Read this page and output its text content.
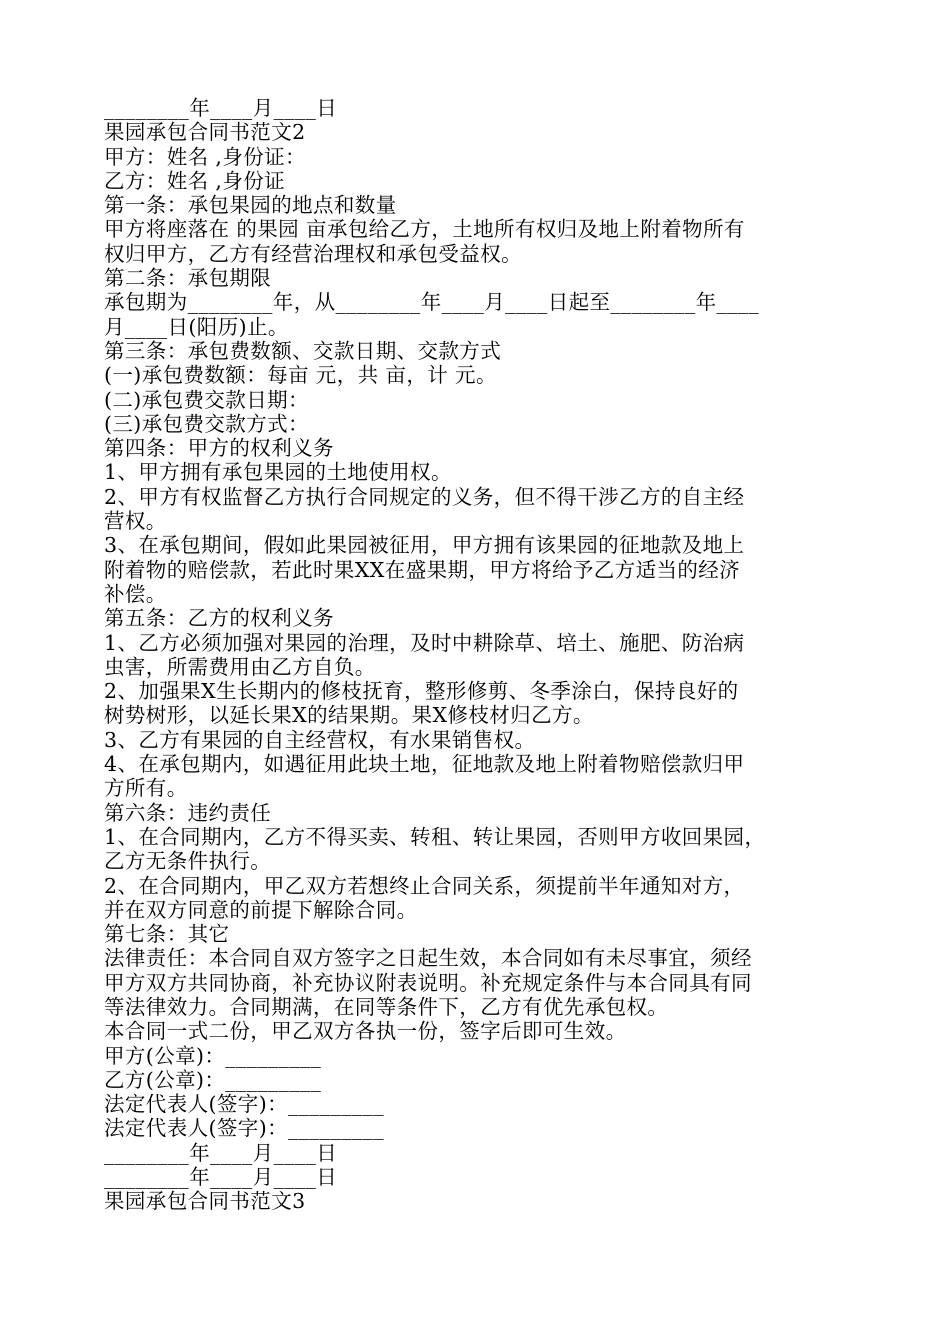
________年____月____日
果园承包合同书范文2
甲方：姓名 ,身份证：
乙方：姓名 ,身份证
第一条：承包果园的地点和数量
甲方将座落在 的果园 亩承包给乙方，土地所有权归及地上附着物所有
权归甲方，乙方有经营治理权和承包受益权。
第二条：承包期限
承包期为________年，从________年____月____日起至________年____
月____日(阳历)止。
第三条：承包费数额、交款日期、交款方式
(一)承包费数额：每亩 元，共 亩，计 元。
(二)承包费交款日期：
(三)承包费交款方式：
第四条：甲方的权利义务
1、甲方拥有承包果园的土地使用权。
2、甲方有权监督乙方执行合同规定的义务，但不得干涉乙方的自主经
营权。
3、在承包期间，假如此果园被征用，甲方拥有该果园的征地款及地上
附着物的赔偿款，若此时果XX在盛果期，甲方将给予乙方适当的经济
补偿。
第五条：乙方的权利义务
1、乙方必须加强对果园的治理，及时中耕除草、培土、施肥、防治病
虫害，所需费用由乙方自负。
2、加强果X生长期内的修枝抚育，整形修剪、冬季涂白，保持良好的
树势树形，以延长果X的结果期。果X修枝材归乙方。
3、乙方有果园的自主经营权，有水果销售权。
4、在承包期内，如遇征用此块土地，征地款及地上附着物赔偿款归甲
方所有。
第六条：违约责任
1、在合同期内，乙方不得买卖、转租、转让果园，否则甲方收回果园，
乙方无条件执行。
2、在合同期内，甲乙双方若想终止合同关系，须提前半年通知对方，
并在双方同意的前提下解除合同。
第七条：其它
法律责任：本合同自双方签字之日起生效，本合同如有未尽事宜，须经
甲方双方共同协商，补充协议附表说明。补充规定条件与本合同具有同
等法律效力。合同期满，在同等条件下，乙方有优先承包权。
本合同一式二份，甲乙双方各执一份，签字后即可生效。
甲方(公章)：_________
乙方(公章)：_________
法定代表人(签字)：_________
法定代表人(签字)：_________
________年____月____日
________年____月____日
果园承包合同书范文3
